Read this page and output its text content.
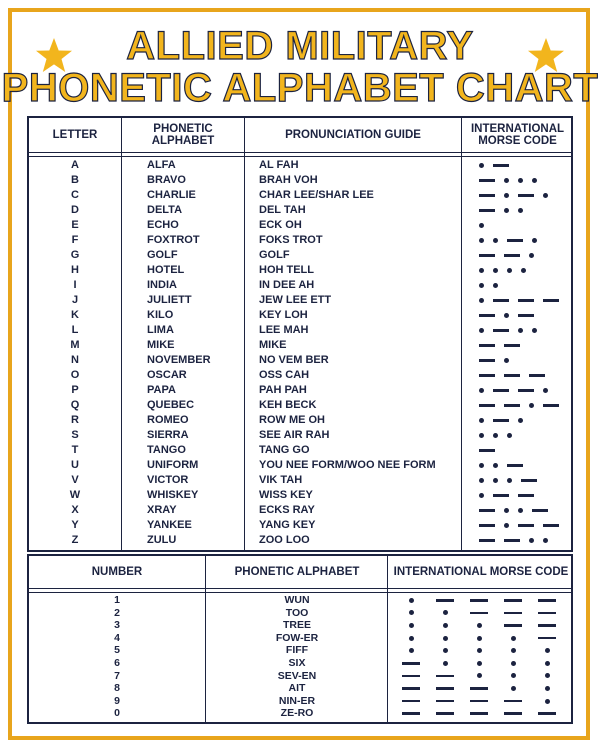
ALLIED MILITARY
PHONETIC ALPHABET CHART
LETTER	PHONETIC ALPHABET	PRONUNCIATION GUIDE	INTERNATIONAL MORSE CODE
A	ALFA	AL FAH
B	BRAVO	BRAH VOH
C	CHARLIE	CHAR LEE/SHAR LEE
D	DELTA	DEL TAH
E	ECHO	ECK OH
F	FOXTROT	FOKS TROT
G	GOLF	GOLF
H	HOTEL	HOH TELL
I	INDIA	IN DEE AH
J	JULIETT	JEW LEE ETT
K	KILO	KEY LOH
L	LIMA	LEE MAH
M	MIKE	MIKE
N	NOVEMBER	NO VEM BER
O	OSCAR	OSS CAH
P	PAPA	PAH PAH
Q	QUEBEC	KEH BECK
R	ROMEO	ROW ME OH
S	SIERRA	SEE AIR RAH
T	TANGO	TANG GO
U	UNIFORM	YOU NEE FORM/WOO NEE FORM
V	VICTOR	VIK TAH
W	WHISKEY	WISS KEY
X	XRAY	ECKS RAY
Y	YANKEE	YANG KEY
Z	ZULU	ZOO LOO
NUMBER	PHONETIC ALPHABET	INTERNATIONAL MORSE CODE
1	WUN
2	TOO
3	TREE
4	FOW-ER
5	FIFF
6	SIX
7	SEV-EN
8	AIT
9	NIN-ER
0	ZE-RO
